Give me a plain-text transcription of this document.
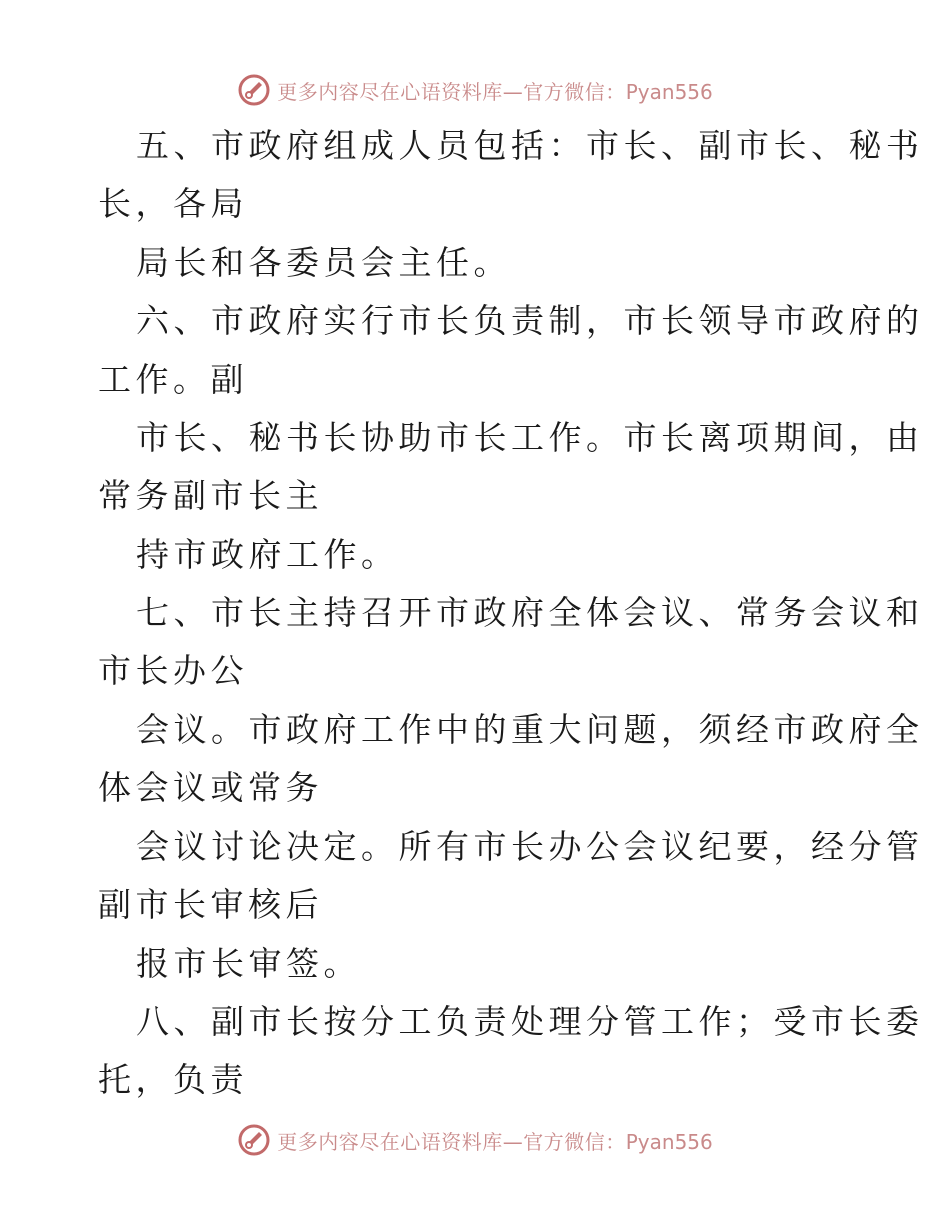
更多内容尽在心语资料库—官方微信：Pyan556
五、市政府组成人员包括：市长、副市长、秘书
长，各局
局长和各委员会主任。
六、市政府实行市长负责制，市长领导市政府的
工作。副
市长、秘书长协助市长工作。市长离项期间，由
常务副市长主
持市政府工作。
七、市长主持召开市政府全体会议、常务会议和
市长办公
会议。市政府工作中的重大问题，须经市政府全
体会议或常务
会议讨论决定。所有市长办公会议纪要，经分管
副市长审核后
报市长审签。
八、副市长按分工负责处理分管工作；受市长委
托，负责
更多内容尽在心语资料库—官方微信：Pyan556
